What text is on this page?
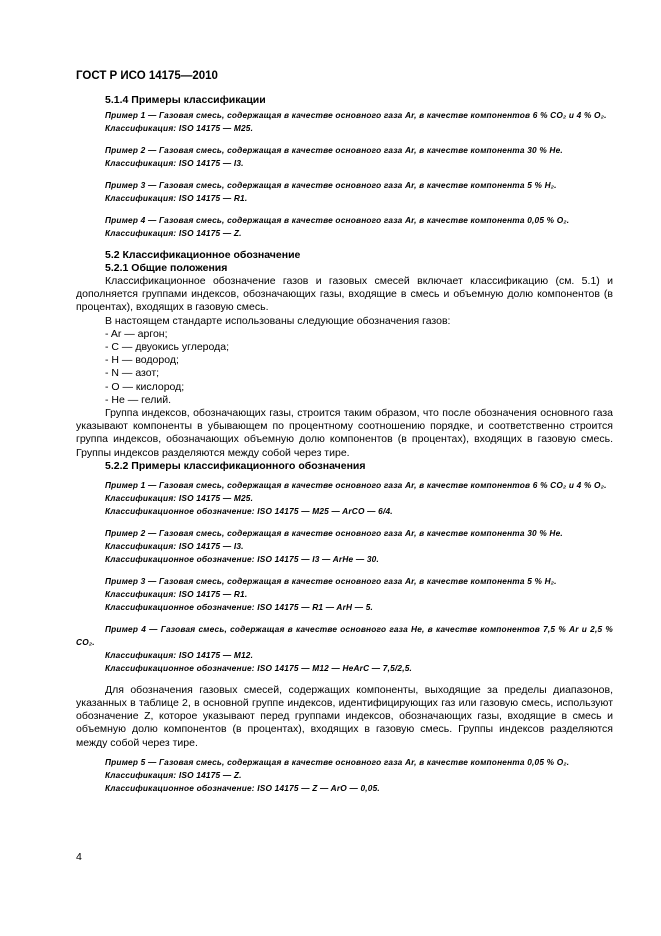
ГОСТ Р ИСО 14175—2010
5.1.4 Примеры классификации
Пример 1 — Газовая смесь, содержащая в качестве основного газа Ar, в качестве компонентов 6 % CO₂ и 4 % O₂.
Классификация: ISO 14175 — M25.
Пример 2 — Газовая смесь, содержащая в качестве основного газа Ar, в качестве компонента 30 % He.
Классификация: ISO 14175 — I3.
Пример 3 — Газовая смесь, содержащая в качестве основного газа Ar, в качестве компонента 5 % H₂.
Классификация: ISO 14175 — R1.
Пример 4 — Газовая смесь, содержащая в качестве основного газа Ar, в качестве компонента 0,05 % O₂.
Классификация: ISO 14175 — Z.
5.2 Классификационное обозначение
5.2.1 Общие положения
Классификационное обозначение газов и газовых смесей включает классификацию (см. 5.1) и дополняется группами индексов, обозначающих газы, входящие в смесь и объемную долю компонентов (в процентах), входящих в газовую смесь.
В настоящем стандарте использованы следующие обозначения газов:
- Ar — аргон;
- C — двуокись углерода;
- H — водород;
- N — азот;
- O — кислород;
- He — гелий.
Группа индексов, обозначающих газы, строится таким образом, что после обозначения основного газа указывают компоненты в убывающем по процентному соотношению порядке, и соответственно строится группа индексов, обозначающих объемную долю компонентов (в процентах), входящих в газовую смесь. Группы индексов разделяются между собой через тире.
5.2.2 Примеры классификационного обозначения
Пример 1 — Газовая смесь, содержащая в качестве основного газа Ar, в качестве компонентов 6 % CO₂ и 4 % O₂.
Классификация: ISO 14175 — M25.
Классификационное обозначение: ISO 14175 — M25 — ArCO — 6/4.
Пример 2 — Газовая смесь, содержащая в качестве основного газа Ar, в качестве компонента 30 % He.
Классификация: ISO 14175 — I3.
Классификационное обозначение: ISO 14175 — I3 — ArHe — 30.
Пример 3 — Газовая смесь, содержащая в качестве основного газа Ar, в качестве компонента 5 % H₂.
Классификация: ISO 14175 — R1.
Классификационное обозначение: ISO 14175 — R1 — ArH — 5.
Пример 4 — Газовая смесь, содержащая в качестве основного газа He, в качестве компонентов 7,5 % Ar и 2,5 % CO₂.
Классификация: ISO 14175 — M12.
Классификационное обозначение: ISO 14175 — M12 — HeArC — 7,5/2,5.
Для обозначения газовых смесей, содержащих компоненты, выходящие за пределы диапазонов, указанных в таблице 2, в основной группе индексов, идентифицирующих газ или газовую смесь, используют обозначение Z, которое указывают перед группами индексов, обозначающих газы, входящие в смесь и объемную долю компонентов (в процентах), входящих в газовую смесь. Группы индексов разделяются между собой через тире.
Пример 5 — Газовая смесь, содержащая в качестве основного газа Ar, в качестве компонента 0,05 % O₂.
Классификация: ISO 14175 — Z.
Классификационное обозначение: ISO 14175 — Z — ArO — 0,05.
4
